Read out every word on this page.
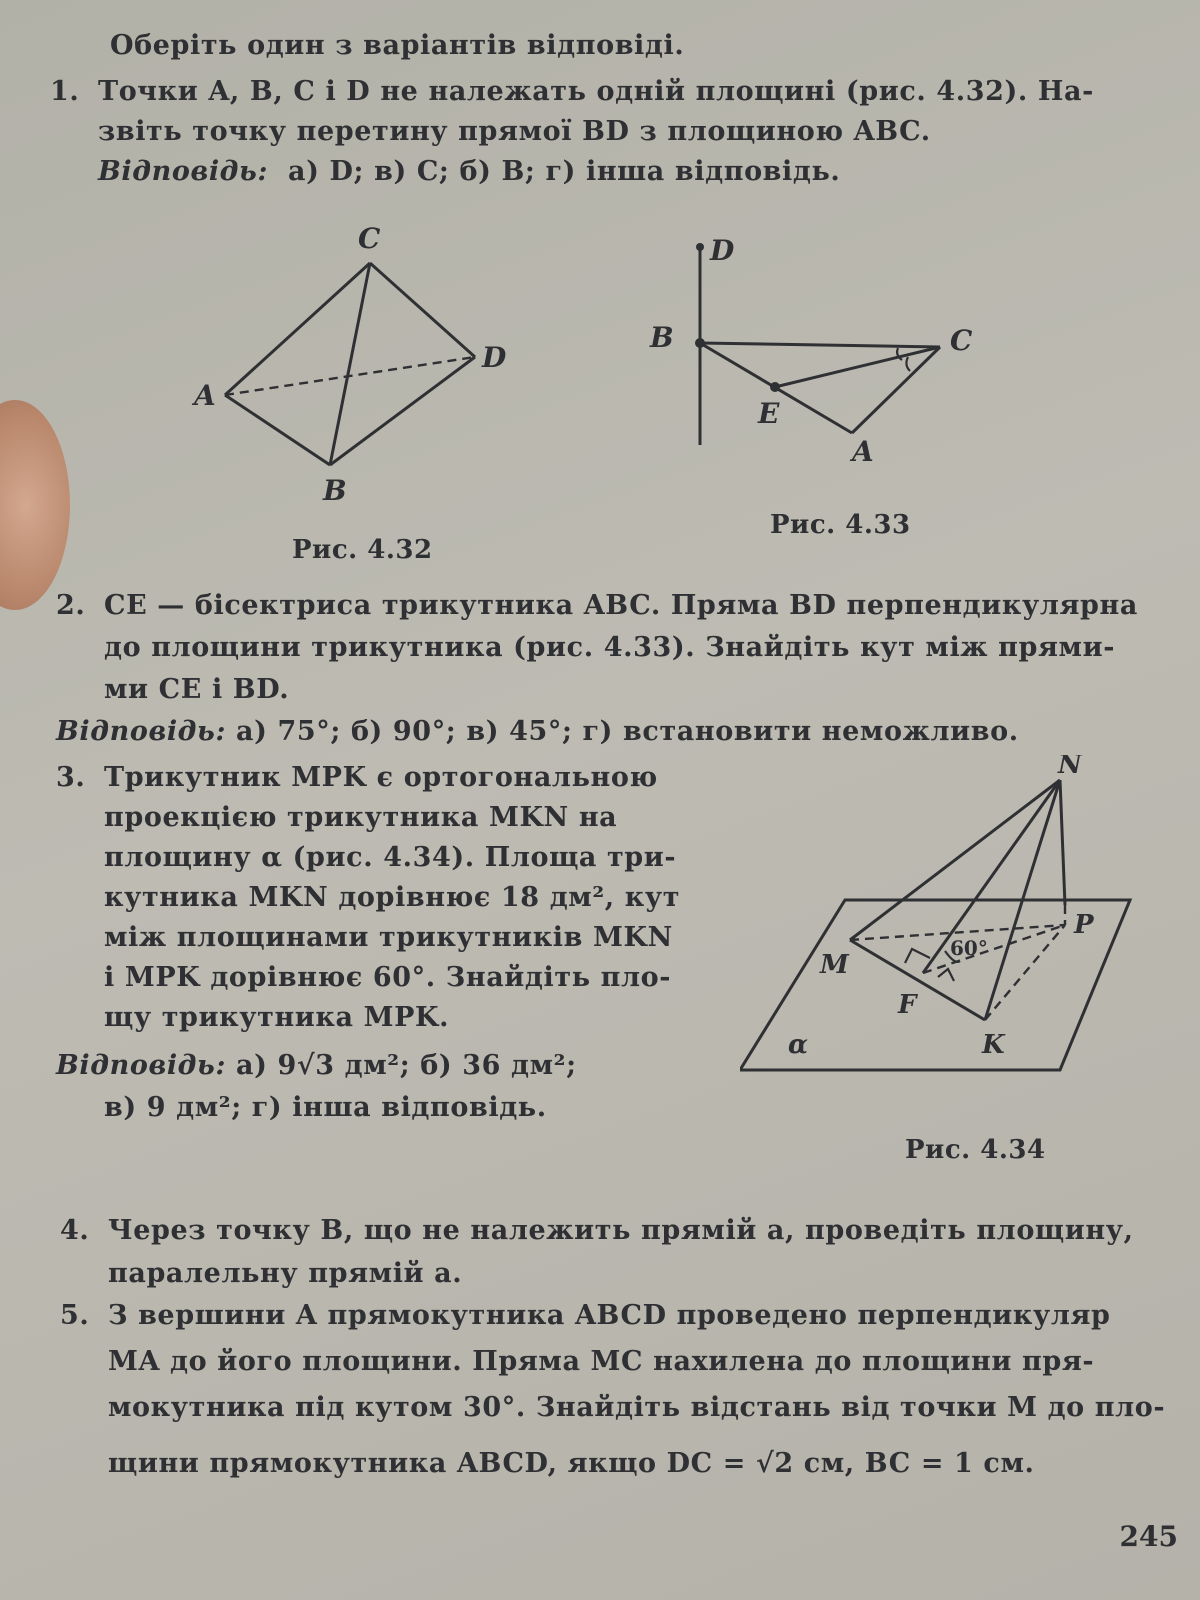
Оберіть один з варіантів відповіді.
1. Точки A, B, C і D не належать одній площині (рис. 4.32). На-
звіть точку перетину прямої BD з площиною ABC.
Відповідь: а) D; в) C; б) B; г) інша відповідь.
C
D
A
B
Рис. 4.32
D
B	C
E
A
Рис. 4.33
2. CE — бісектриса трикутника ABC. Пряма BD перпендикулярна
до площини трикутника (рис. 4.33). Знайдіть кут між прями-
ми CE і BD.
Відповідь: а) 75°; б) 90°; в) 45°; г) встановити неможливо.
3. Трикутник MPK є ортогональною
проекцією трикутника MKN на
площину α (рис. 4.34). Площа три-
кутника MKN дорівнює 18 дм², кут
між площинами трикутників MKN
і MPK дорівнює 60°. Знайдіть пло-
щу трикутника MPK.
Відповідь: а) 9√3 дм²; б) 36 дм²;
в) 9 дм²; г) інша відповідь.
N
P
M
F
K
α
60°
Рис. 4.34
4. Через точку B, що не належить прямій a, проведіть площину,
паралельну прямій a.
5. З вершини A прямокутника ABCD проведено перпендикуляр
MA до його площини. Пряма MC нахилена до площини пря-
мокутника під кутом 30°. Знайдіть відстань від точки M до пло-
щини прямокутника ABCD, якщо DC = √2 см, BC = 1 см.
245
